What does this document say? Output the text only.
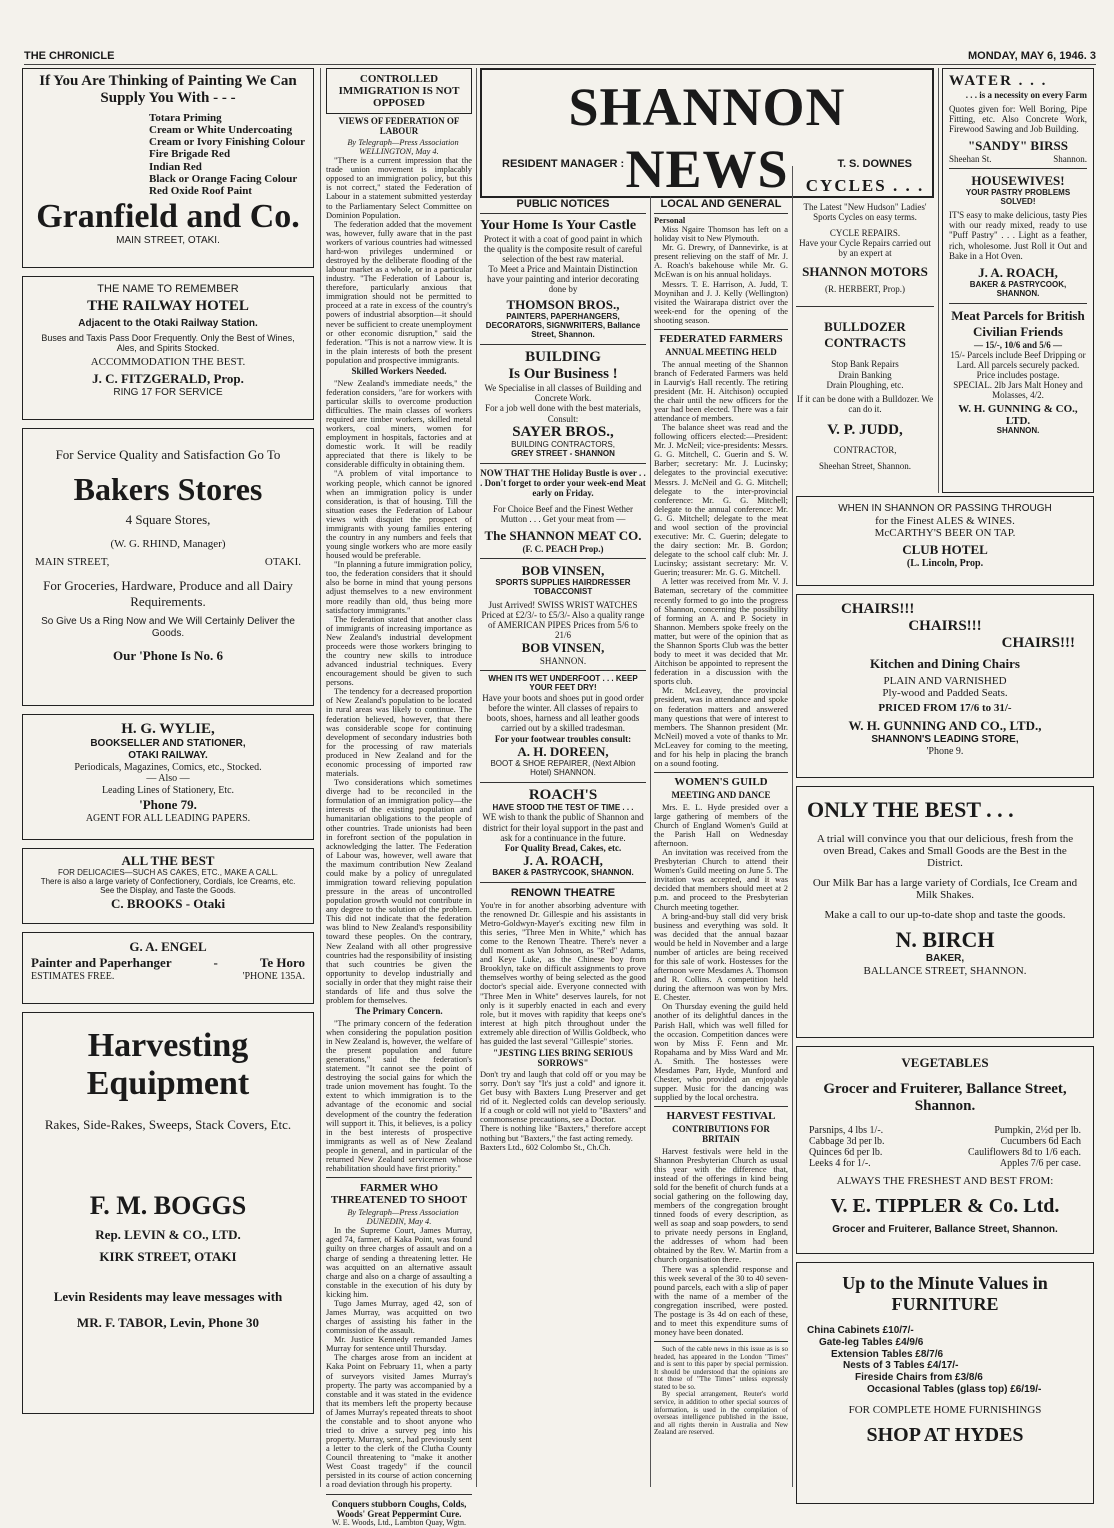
THE CHRONICLE	MONDAY, MAY 6, 1946. 3
If You Are Thinking of Painting We Can Supply You With - - -
Totara Priming
Cream or White Undercoating
Cream or Ivory Finishing Colour
Fire Brigade Red
Indian Red
Black or Orange Facing Colour
Red Oxide Roof Paint
Granfield and Co.
MAIN STREET, OTAKI.
THE NAME TO REMEMBER
THE RAILWAY HOTEL
Adjacent to the Otaki Railway Station.
Buses and Taxis Pass Door Frequently. Only the Best of Wines, Ales, and Spirits Stocked.
ACCOMMODATION THE BEST.
J. C. FITZGERALD, Prop.
RING 17 FOR SERVICE
For Service Quality and Satisfaction Go To
Bakers Stores
4 Square Stores,
(W. G. RHIND, Manager)
MAIN STREET,	OTAKI.
For Groceries, Hardware, Produce and all Dairy Requirements.
So Give Us a Ring Now and We Will Certainly Deliver the Goods.
Our 'Phone Is No. 6
H. G. WYLIE,
BOOKSELLER AND STATIONER,
OTAKI RAILWAY.
Periodicals, Magazines, Comics, etc., Stocked.
— Also —
Leading Lines of Stationery, Etc.
'Phone 79.
AGENT FOR ALL LEADING PAPERS.
ALL THE BEST
FOR DELICACIES—SUCH AS CAKES, ETC., MAKE A CALL.
There is also a large variety of Confectionery, Cordials, Ice Creams, etc.
See the Display, and Taste the Goods.
C. BROOKS - Otaki
G. A. ENGEL
Painter and Paperhanger	-	Te Horo
ESTIMATES FREE.	'PHONE 135A.
Harvesting
Equipment
Rakes, Side-Rakes, Sweeps, Stack Covers, Etc.
F. M. BOGGS
Rep. LEVIN & CO., LTD.
KIRK STREET, OTAKI
Levin Residents may leave messages with
MR. F. TABOR, Levin, Phone 30
CONTROLLED IMMIGRATION IS NOT OPPOSED
VIEWS OF FEDERATION OF LABOUR

By Telegraph—Press Association WELLINGTON, May 4.

"There is a current impression that the trade union movement is implacably opposed to an immigration policy, but this is not correct," stated the Federation of Labour in a statement submitted yesterday to the Parliamentary Select Committee on Dominion Population.

The federation added that the movement was, however, fully aware that in the past workers of various countries had witnessed hard-won privileges undermined or destroyed by the deliberate flooding of the labour market as a whole, or in a particular industry. "The Federation of Labour is, therefore, particularly anxious that immigration should not be permitted to proceed at a rate in excess of the country's powers of industrial absorption—it should never be sufficient to create unemployment or other economic disruption," said the federation. "This is not a narrow view. It is in the plain interests of both the present population and prospective immigrants.

Skilled Workers Needed.

"New Zealand's immediate needs," the federation considers, "are for workers with particular skills to overcome production difficulties. The main classes of workers required are timber workers, skilled metal workers, coal miners, women for employment in hospitals, factories and at domestic work. It will be readily appreciated that there is likely to be considerable difficulty in obtaining them.

"A problem of vital importance to working people, which cannot be ignored when an immigration policy is under consideration, is that of housing. Till the situation eases the Federation of Labour views with disquiet the prospect of immigrants with young families entering the country in any numbers and feels that young single workers who are more easily housed would be preferable.

"In planning a future immigration policy, too, the federation considers that it should also be borne in mind that young persons adjust themselves to a new environment more readily than old, thus being more satisfactory immigrants."

The federation stated that another class of immigrants of increasing importance as New Zealand's industrial development proceeds were those workers bringing to the country new skills to introduce advanced industrial techniques. Every encouragement should be given to such persons.

The tendency for a decreased proportion of New Zealand's population to be located in rural areas was likely to continue. The federation believed, however, that there was considerable scope for continuing development of secondary industries both for the processing of raw materials produced in New Zealand and for the economic processing of imported raw materials.

Two considerations which sometimes diverge had to be reconciled in the formulation of an immigration policy—the interests of the existing population and humanitarian obligations to the people of other countries. Trade unionists had been in forefront section of the population in acknowledging the latter. The Federation of Labour was, however, well aware that the maximum contribution New Zealand could make by a policy of unregulated immigration toward relieving population pressure in the areas of uncontrolled population growth would not contribute in any degree to the solution of the problem. This did not indicate that the federation was blind to New Zealand's responsibility toward these peoples. On the contrary, New Zealand with all other progressive countries had the responsibility of insisting that such countries be given the opportunity to develop industrially and socially in order that they might raise their standards of life and thus solve the problem for themselves.

The Primary Concern.

"The primary concern of the federation when considering the population position in New Zealand is, however, the welfare of the present population and future generations," said the federation's statement. "It cannot see the point of destroying the social gains for which the trade union movement has fought. To the extent to which immigration is to the advantage of the economic and social development of the country the federation will support it. This, it believes, is a policy in the best interests of prospective immigrants as well as of New Zealand people in general, and in particular of the returned New Zealand servicemen whose rehabilitation should have first priority."

FARMER WHO THREATENED TO SHOOT

By Telegraph—Press Association DUNEDIN, May 4.

In the Supreme Court, James Murray, aged 74, farmer, of Kaka Point, was found guilty on three charges of assault and on a charge of sending a threatening letter. He was acquitted on an alternative assault charge and also on a charge of assaulting a constable in the execution of his duty by kicking him.

Tugo James Murray, aged 42, son of James Murray, was acquitted on two charges of assisting his father in the commission of the assault.

Mr. Justice Kennedy remanded James Murray for sentence until Thursday.

The charges arose from an incident at Kaka Point on February 11, when a party of surveyors visited James Murray's property. The party was accompanied by a constable and it was stated in the evidence that its members left the property because of James Murray's repeated threats to shoot the constable and to shoot anyone who tried to drive a survey peg into his property. Murray, senr., had previously sent a letter to the clerk of the Clutha County Council threatening to "make it another West Coast tragedy" if the council persisted in its course of action concerning a road deviation through his property.

Conquers stubborn Coughs, Colds, Woods' Great Peppermint Cure.
W. E. Woods, Ltd., Lambton Quay, Wgtn.
SHANNON NEWS
RESIDENT MANAGER :	T. S. DOWNES
PUBLIC NOTICES
Your Home Is Your Castle
Protect it with a coat of good paint in which the quality is the composite result of careful selection of the best raw material.
To Meet a Price and Maintain Distinction have your painting and interior decorating done by
THOMSON BROS.,
PAINTERS, PAPERHANGERS, DECORATORS, SIGNWRITERS, Ballance Street, Shannon.
BUILDING
Is Our Business !
We Specialise in all classes of Building and Concrete Work.
For a job well done with the best materials, Consult:
SAYER BROS.,
BUILDING CONTRACTORS,
GREY STREET - SHANNON
NOW THAT THE Holiday Bustle is over . . . Don't forget to order your week-end Meat early on Friday.
For Choice Beef and the Finest Wether Mutton . . . Get your meat from —
The SHANNON MEAT CO.
(F. C. PEACH Prop.)
BOB VINSEN,
SPORTS SUPPLIES HAIRDRESSER TOBACCONIST
Just Arrived! SWISS WRIST WATCHES Priced at £2/3/- to £5/3/- Also a quality range of AMERICAN PIPES Prices from 5/6 to 21/6
BOB VINSEN,
SHANNON.
WHEN ITS WET UNDERFOOT . . . KEEP YOUR FEET DRY!
Have your boots and shoes put in good order before the winter. All classes of repairs to boots, shoes, harness and all leather goods carried out by a skilled tradesman.
For your footwear troubles consult:
A. H. DOREEN,
BOOT & SHOE REPAIRER, (Next Albion Hotel) SHANNON.
ROACH'S
HAVE STOOD THE TEST OF TIME . . .
WE wish to thank the public of Shannon and district for their loyal support in the past and ask for a continuance in the future.
For Quality Bread, Cakes, etc.
J. A. ROACH,
BAKER & PASTRYCOOK, SHANNON.
RENOWN THEATRE
You're in for another absorbing adventure with the renowned Dr. Gillespie and his assistants in Metro-Goldwyn-Mayer's exciting new film in this series, "Three Men in White," which has come to the Renown Theatre. There's never a dull moment as Van Johnson, as "Red" Adams, and Keye Luke, as the Chinese boy from Brooklyn, take on difficult assignments to prove themselves worthy of being selected as the good doctor's special aide. Everyone connected with "Three Men in White" deserves laurels, for not only is it superbly enacted in each and every role, but it moves with rapidity that keeps one's interest at high pitch throughout under the extremely able direction of Willis Goldbeck, who has guided the last several "Gillespie" stories.
"JESTING LIES BRING SERIOUS SORROWS"
Don't try and laugh that cold off or you may be sorry. Don't say "It's just a cold" and ignore it. Get busy with Baxters Lung Preserver and get rid of it. Neglected colds can develop seriously. If a cough or cold will not yield to "Baxters" and commonsense precautions, see a Doctor.
There is nothing like "Baxters," therefore accept nothing but "Baxters," the fast acting remedy.
Baxters Ltd., 602 Colombo St., Ch.Ch.
LOCAL AND GENERAL
Personal

Miss Ngaire Thomson has left on a holiday visit to New Plymouth.

Mr. G. Drewry, of Dannevirke, is at present relieving on the staff of Mr. J. A. Roach's bakehouse while Mr. G. McEwan is on his annual holidays.

Messrs. T. E. Harrison, A. Judd, T. Moynihan and J. J. Kelly (Wellington) visited the Wairarapa district over the week-end for the opening of the shooting season.

FEDERATED FARMERS
ANNUAL MEETING HELD

The annual meeting of the Shannon branch of Federated Farmers was held in Laurvig's Hall recently. The retiring president (Mr. H. Aitchison) occupied the chair until the new officers for the year had been elected. There was a fair attendance of members.

The balance sheet was read and the following officers elected:—President: Mr. J. McNeil; vice-presidents: Messrs. G. G. Mitchell, C. Guerin and S. W. Barber; secretary: Mr. J. Lucinsky; delegates to the provincial executive: Messrs. J. McNeil and G. G. Mitchell; delegate to the inter-provincial conference: Mr. G. G. Mitchell; delegate to the annual conference: Mr. G. G. Mitchell; delegate to the meat and wool section of the provincial executive: Mr. C. Guerin; delegate to the dairy section: Mr. B. Gordon; delegate to the school calf club: Mr. J. Lucinsky; assistant secretary: Mr. V. Guerin; treasurer: Mr. G. G. Mitchell.

A letter was received from Mr. V. J. Bateman, secretary of the committee recently formed to go into the progress of Shannon, concerning the possibility of forming an A. and P. Society in Shannon. Members spoke freely on the matter, but were of the opinion that as the Shannon Sports Club was the better body to meet it was decided that Mr. Aitchison be appointed to represent the federation in a discussion with the sports club.

Mr. McLeavey, the provincial president, was in attendance and spoke on federation matters and answered many questions that were of interest to members. The Shannon president (Mr. McNeil) moved a vote of thanks to Mr. McLeavey for coming to the meeting, and for his help in placing the branch on a sound footing.

WOMEN'S GUILD
MEETING AND DANCE

Mrs. E. L. Hyde presided over a large gathering of members of the Church of England Women's Guild at the Parish Hall on Wednesday afternoon.

An invitation was received from the Presbyterian Church to attend their Women's Guild meeting on June 5. The invitation was accepted, and it was decided that members should meet at 2 p.m. and proceed to the Presbyterian Church meeting together.

A bring-and-buy stall did very brisk business and everything was sold. It was decided that the annual bazaar would be held in November and a large number of articles are being received for this sale of work. Hostesses for the afternoon were Mesdames A. Thomson and R. Collins. A competition held during the afternoon was won by Mrs. E. Chester.

On Thursday evening the guild held another of its delightful dances in the Parish Hall, which was well filled for the occasion. Competition dances were won by Miss F. Fenn and Mr. Ropahama and by Miss Ward and Mr. A. Smith. The hostesses were Mesdames Parr, Hyde, Munford and Chester, who provided an enjoyable supper. Music for the dancing was supplied by the local orchestra.

HARVEST FESTIVAL
CONTRIBUTIONS FOR BRITAIN

Harvest festivals were held in the Shannon Presbyterian Church as usual this year with the difference that, instead of the offerings in kind being sold for the benefit of church funds at a social gathering on the following day, members of the congregation brought tinned foods of every description, as well as soap and soap powders, to send to private needy persons in England, the addresses of whom had been obtained by the Rev. W. Martin from a church organisation there.

There was a splendid response and this week several of the 30 to 40 seven-pound parcels, each with a slip of paper with the name of a member of the congregation inscribed, were posted. The postage is 3s 4d on each of these, and to meet this expenditure sums of money have been donated.

Such of the cable news in this issue as is so headed, has appeared in the London "Times" and is sent to this paper by special permission. It should be understood that the opinions are not those of "The Times" unless expressly stated to be so.

By special arrangement, Reuter's world service, in addition to other special sources of information, is used in the compilation of overseas intelligence published in the issue, and all rights therein in Australia and New Zealand are reserved.

CYCLES . . .
The Latest "New Hudson" Ladies' Sports Cycles on easy terms.
CYCLE REPAIRS.
Have your Cycle Repairs carried out by an expert at
SHANNON MOTORS
(R. HERBERT, Prop.)
BULLDOZER CONTRACTS
Stop Bank Repairs
Drain Banking
Drain Ploughing, etc.
If it can be done with a Bulldozer. We can do it.
V. P. JUDD,
CONTRACTOR,
Sheehan Street, Shannon.
WATER . . .
. . . is a necessity on every Farm
Quotes given for: Well Boring, Pipe Fitting, etc. Also Concrete Work, Firewood Sawing and Job Building.
"SANDY" BIRSS
Sheehan St.	Shannon.
HOUSEWIVES!
YOUR PASTRY PROBLEMS SOLVED!
IT'S easy to make delicious, tasty Pies with our ready mixed, ready to use "Puff Pastry" . . . Light as a feather, rich, wholesome. Just Roll it Out and Bake in a Hot Oven.
J. A. ROACH,
BAKER & PASTRYCOOK, SHANNON.
Meat Parcels for British Civilian Friends
— 15/-, 10/6 and 5/6 —
15/- Parcels include Beef Dripping or Lard. All parcels securely packed.
Price includes postage.
SPECIAL. 2lb Jars Malt Honey and Molasses, 4/2.
W. H. GUNNING & CO., LTD.
SHANNON.
WHEN IN SHANNON OR PASSING THROUGH
for the Finest ALES & WINES.
McCARTHY'S BEER ON TAP.
CLUB HOTEL
(L. Lincoln, Prop.
CHAIRS!!!
CHAIRS!!!
CHAIRS!!!
Kitchen and Dining Chairs
PLAIN AND VARNISHED
Ply-wood and Padded Seats.
PRICED FROM 17/6 to 31/-
W. H. GUNNING AND CO., LTD.,
SHANNON'S LEADING STORE,
'Phone 9.
ONLY THE BEST . . .
A trial will convince you that our delicious, fresh from the oven Bread, Cakes and Small Goods are the Best in the District.
Our Milk Bar has a large variety of Cordials, Ice Cream and Milk Shakes.
Make a call to our up-to-date shop and taste the goods.
N. BIRCH
BAKER,
BALLANCE STREET, SHANNON.
VEGETABLES
Grocer and Fruiterer, Ballance Street, Shannon.
Parsnips, 4 lbs 1/-.	Pumpkin, 2½d per lb.
Cabbage 3d per lb.	Cucumbers 6d Each
Quinces 6d per lb.	Cauliflowers 8d to 1/6 each.
Leeks 4 for 1/-.	Apples 7/6 per case.
ALWAYS THE FRESHEST AND BEST FROM:
V. E. TIPPLER & Co. Ltd.
Grocer and Fruiterer, Ballance Street, Shannon.
Up to the Minute Values in
FURNITURE
China Cabinets £10/7/-
Gate-leg Tables £4/9/6
Extension Tables £8/7/6
Nests of 3 Tables £4/17/-
Fireside Chairs from £3/8/6
Occasional Tables (glass top) £6/19/-
FOR COMPLETE HOME FURNISHINGS
SHOP AT HYDES
